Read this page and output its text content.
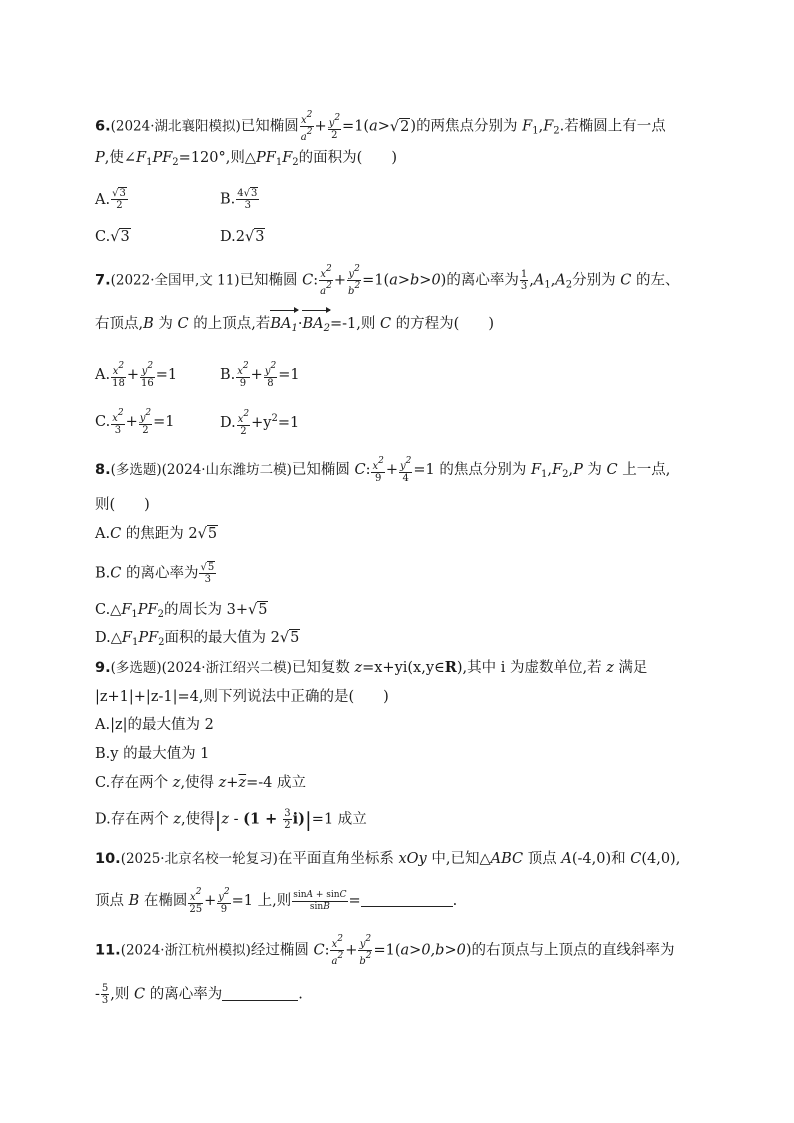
6.(2024·湖北襄阳模拟)已知椭圆 $\frac{x2}{a2} + \frac{y2}{2} =1(a>√2)$的两焦点分别为 $F_1,F_2$.若椭圆上有一点
P,使$\angle F_1PF_2=120^\circ$,则$\triangle PF_1F_2$的面积为(　　)
A. $\frac{√3}{2}$	B. $\frac{4√3}{3}$
C.√3	D.2√3
7.(2022·全国甲,文 11)已知椭圆 C: $\frac{x2}{a2} + \frac{y2}{b2} =1(a>b>0)$的离心率为 $\frac{1}{3} ,A_1,A_2$分别为 C 的左、
右顶点,B 为 C 的上顶点,若$BA_1\cdot BA_2=-1$,则 C 的方程为(　　)
A. $\frac{x2}{18} + \frac{y2}{16} =1$	B. $\frac{x2}{9} + \frac{y2}{8} =1$
C. $\frac{x2}{3} + \frac{y2}{2} =1$	D. $\frac{x2}{2} +y^2=1$
8.(多选题)(2024·山东潍坊二模)已知椭圆 C: $\frac{x2}{9} + \frac{y2}{4} =1$ 的焦点分别为 $F_1,F_2,P$ 为 C 上一点,
则(　　)
A.C 的焦距为 2√5
B.C 的离心率为 $\frac{√5}{3}$
$C.\triangle F_1PF_2$的周长为 3+√5
$D.\triangle F_1PF_2$面积的最大值为 2√5
9.(多选题)(2024·浙江绍兴二模)已知复数 z=x+yi(x,y∈R),其中 i 为虚数单位,若 z 满足
|z+1|+|z-1|=4,则下列说法中正确的是(　　)
A.|z|的最大值为 2
B.y 的最大值为 1
C.存在两个 z,使得 $z+\overline{z}=-4$ 成立
D.存在两个 z,使得$|z - (1 + \frac{3}{2} i)|=1$ 成立
10.(2025·北京名校一轮复习)在平面直角坐标系 xOy 中,已知△ABC 顶点 A(-4,0)和 C(4,0),
顶点 B 在椭圆 $\frac{x2}{25} + \frac{y2}{9} =1$ 上,则 $\frac{\sin A + \sin C}{\sin B}$ =	.
11.(2024·浙江杭州模拟)经过椭圆 C: $\frac{x2}{a2} + \frac{y2}{b2} =1(a>0,b>0)$的右顶点与上顶点的直线斜率为
- $\frac{5}{3}$ ,则 C 的离心率为	.
